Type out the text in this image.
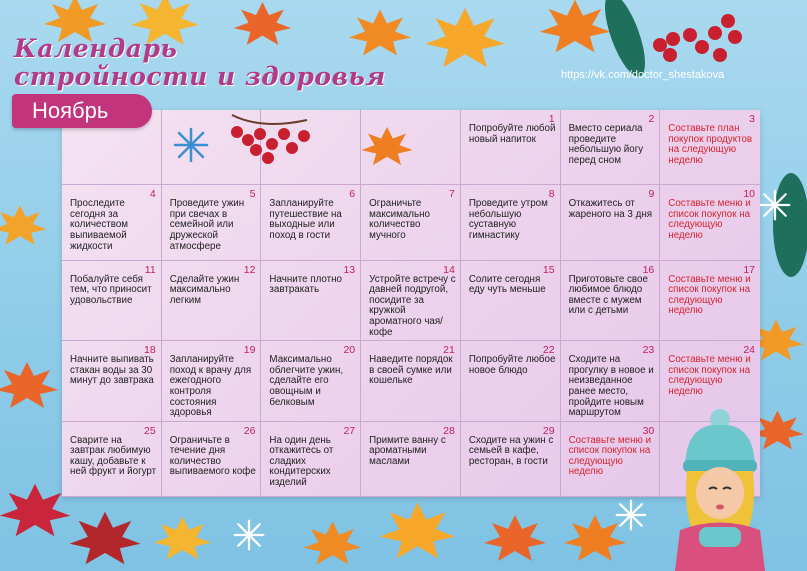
Календарь
стройности и здоровья	https://vk.com/doctor_shestakova
1
Попробуйте любой новый напиток
2
Вместо сериала проведите небольшую йогу перед сном
3
Составьте план покупок продуктов на следующую неделю
4
Проследите сегодня за количеством выпиваемой жидкости
5
Проведите ужин при свечах в семейной или дружеской атмосфере
6
Запланируйте путешествие на выходные или поход в гости
7
Ограничьте максимально количество мучного
8
Проведите утром небольшую суставную гимнастику
9
Откажитесь от жареного на 3 дня
10
Составьте меню и список покупок на следующую неделю
11
Побалуйте себя тем, что приносит удовольствие
12
Сделайте ужин максимально легким
13
Начните плотно завтракать
14
Устройте встречу с давней подругой, посидите за кружкой ароматного чая/кофе
15
Солите сегодня еду чуть меньше
16
Приготовьте свое любимое блюдо вместе с мужем или с детьми
17
Составьте меню и список покупок на следующую неделю
18
Начните выпивать стакан воды за 30 минут до завтрака
19
Запланируйте поход к врачу для ежегодного контроля состояния здоровья
20
Максимально облегчите ужин, сделайте его овощным и белковым
21
Наведите порядок в своей сумке или кошельке
22
Попробуйте любое новое блюдо
23
Сходите на прогулку в новое и неизведанное ранее место, пройдите новым маршрутом
24
Составьте меню и список покупок на следующую неделю
25
Сварите на завтрак любимую кашу, добавьте к ней фрукт и йогурт
26
Ограничьте в течение дня количество выпиваемого кофе
27
На один день откажитесь от сладких кондитерских изделий
28
Примите ванну с ароматными маслами
29
Сходите на ужин с семьей в кафе, ресторан, в гости
30
Составьте меню и список покупок на следующую неделю
Ноябрь
